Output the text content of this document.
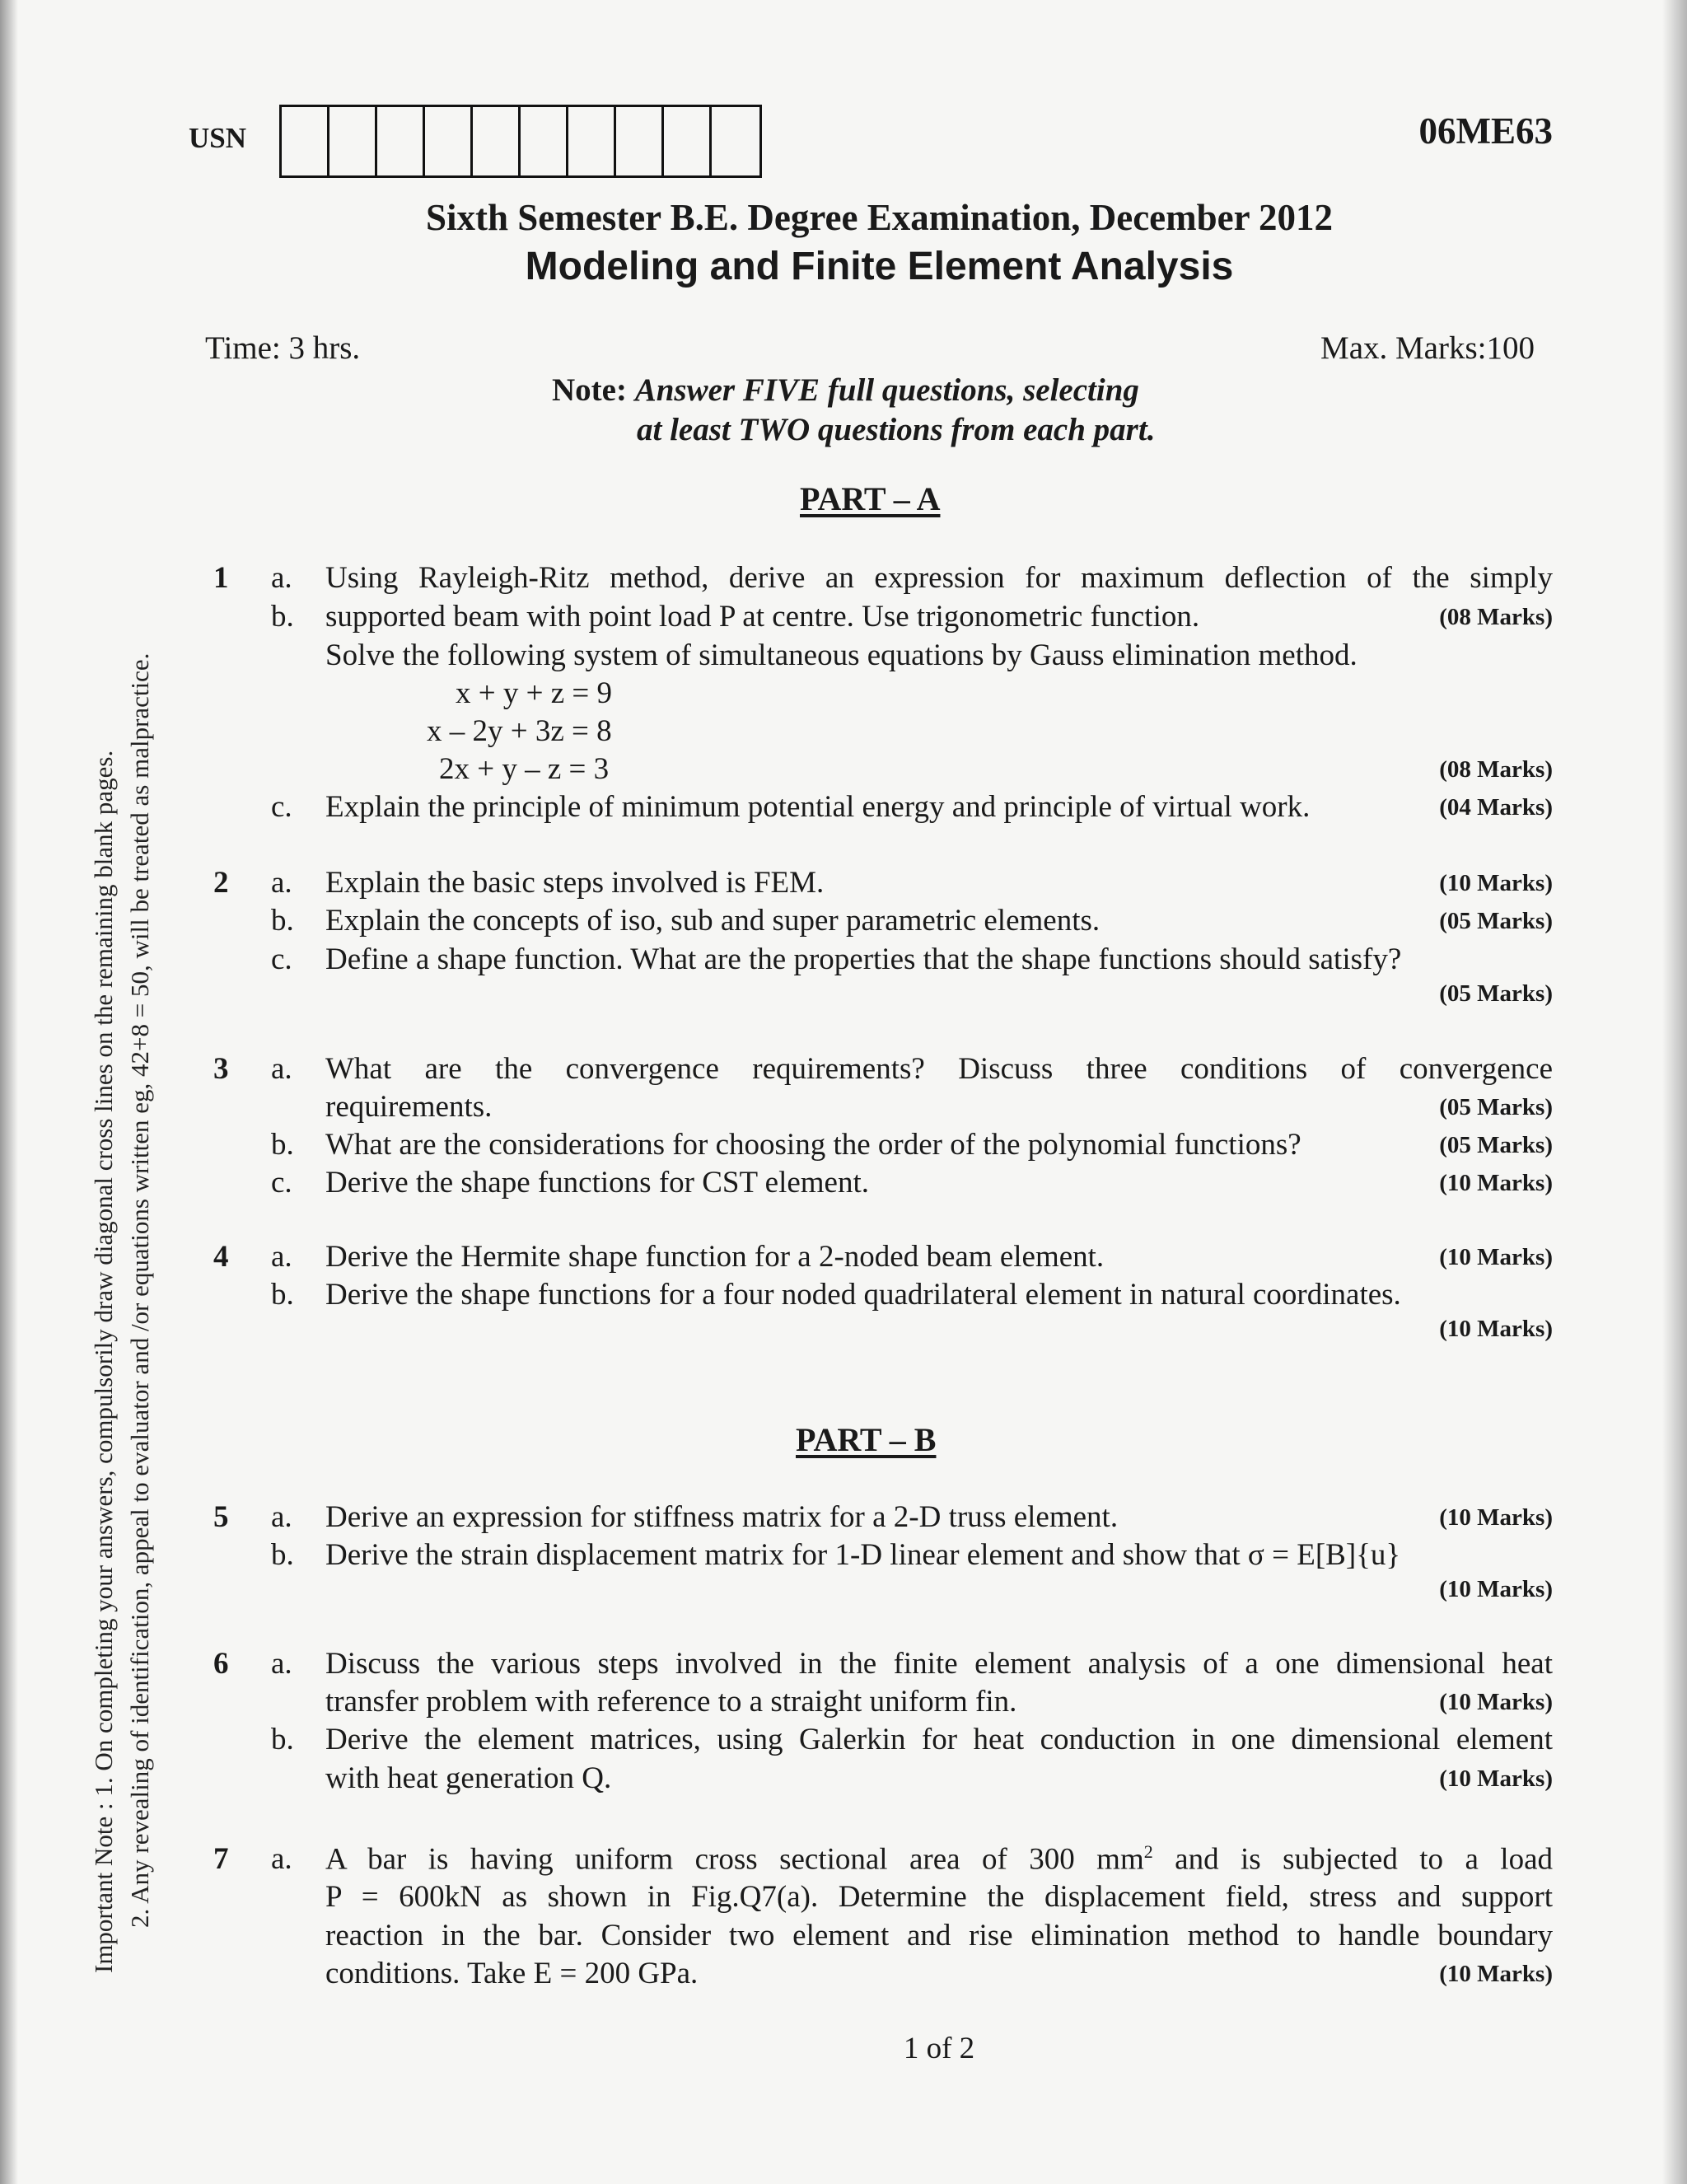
USN	06ME63
Sixth Semester B.E. Degree Examination, December 2012
Modeling and Finite Element Analysis
Time: 3 hrs.	Max. Marks:100
Note: Answer FIVE full questions, selecting
at least TWO questions from each part.
Important Note : 1. On completing your answers, compulsorily draw diagonal cross lines on the remaining blank pages. 2. Any revealing of identification, appeal to evaluator and /or equations written eg, 42+8 = 50, will be treated as malpractice.
PART – A
1 a. Using Rayleigh-Ritz method, derive an expression for maximum deflection of the simply
b. supported beam with point load P at centre. Use trigonometric function.	(08 Marks)
Solve the following system of simultaneous equations by Gauss elimination method.
x + y + z = 9
x – 2y + 3z = 8
2x + y – z = 3	(08 Marks)
c. Explain the principle of minimum potential energy and principle of virtual work.	(04 Marks)
2 a. Explain the basic steps involved is FEM.	(10 Marks)
b. Explain the concepts of iso, sub and super parametric elements.	(05 Marks)
c. Define a shape function. What are the properties that the shape functions should satisfy?
(05 Marks)
3 a. What are the convergence requirements? Discuss three conditions of convergence
requirements.	(05 Marks)
b. What are the considerations for choosing the order of the polynomial functions?	(05 Marks)
c. Derive the shape functions for CST element.	(10 Marks)
4 a. Derive the Hermite shape function for a 2-noded beam element.	(10 Marks)
b. Derive the shape functions for a four noded quadrilateral element in natural coordinates.
(10 Marks)
PART – B
5 a. Derive an expression for stiffness matrix for a 2-D truss element.	(10 Marks)
b. Derive the strain displacement matrix for 1-D linear element and show that σ = E[B]{u}
(10 Marks)
6 a. Discuss the various steps involved in the finite element analysis of a one dimensional heat
transfer problem with reference to a straight uniform fin.	(10 Marks)
b. Derive the element matrices, using Galerkin for heat conduction in one dimensional element
with heat generation Q.	(10 Marks)
7 a. A bar is having uniform cross sectional area of 300 $mm^2$ and is subjected to a load
P = 600kN as shown in Fig.Q7(a). Determine the displacement field, stress and support
reaction in the bar. Consider two element and rise elimination method to handle boundary
conditions. Take E = 200 GPa.	(10 Marks)
1 of 2
